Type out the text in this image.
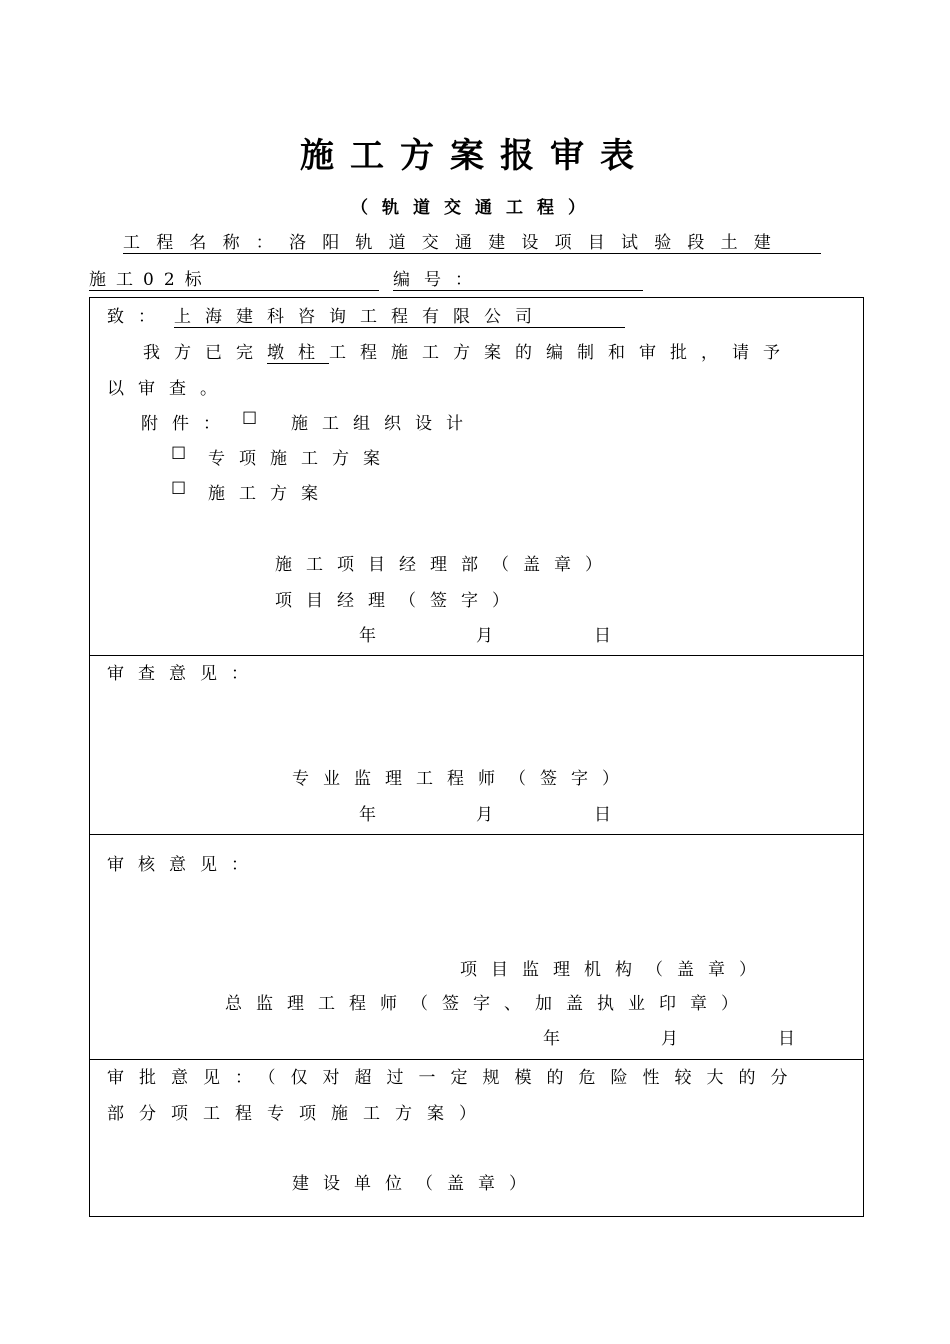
施工方案报审表
（轨道交通工程）
工程名称：洛阳轨道交通建设项目试验段土建
施工02标	编号：
致： 上海建科咨询工程有限公司
我方已完墩柱工程施工方案的编制和审批，请予
以审查。
附件： ☐ 施工组织设计
☐ 专项施工方案
☐ 施工方案
施工项目经理部（盖章）
项目经理（签字）
年	月	日
审查意见：
专业监理工程师（签字）
年	月	日
审核意见：
项目监理机构（盖章）
总监理工程师（签字、加盖执业印章）
年	月	日
审批意见：（仅对超过一定规模的危险性较大的分
部分项工程专项施工方案）
建设单位（盖章）
